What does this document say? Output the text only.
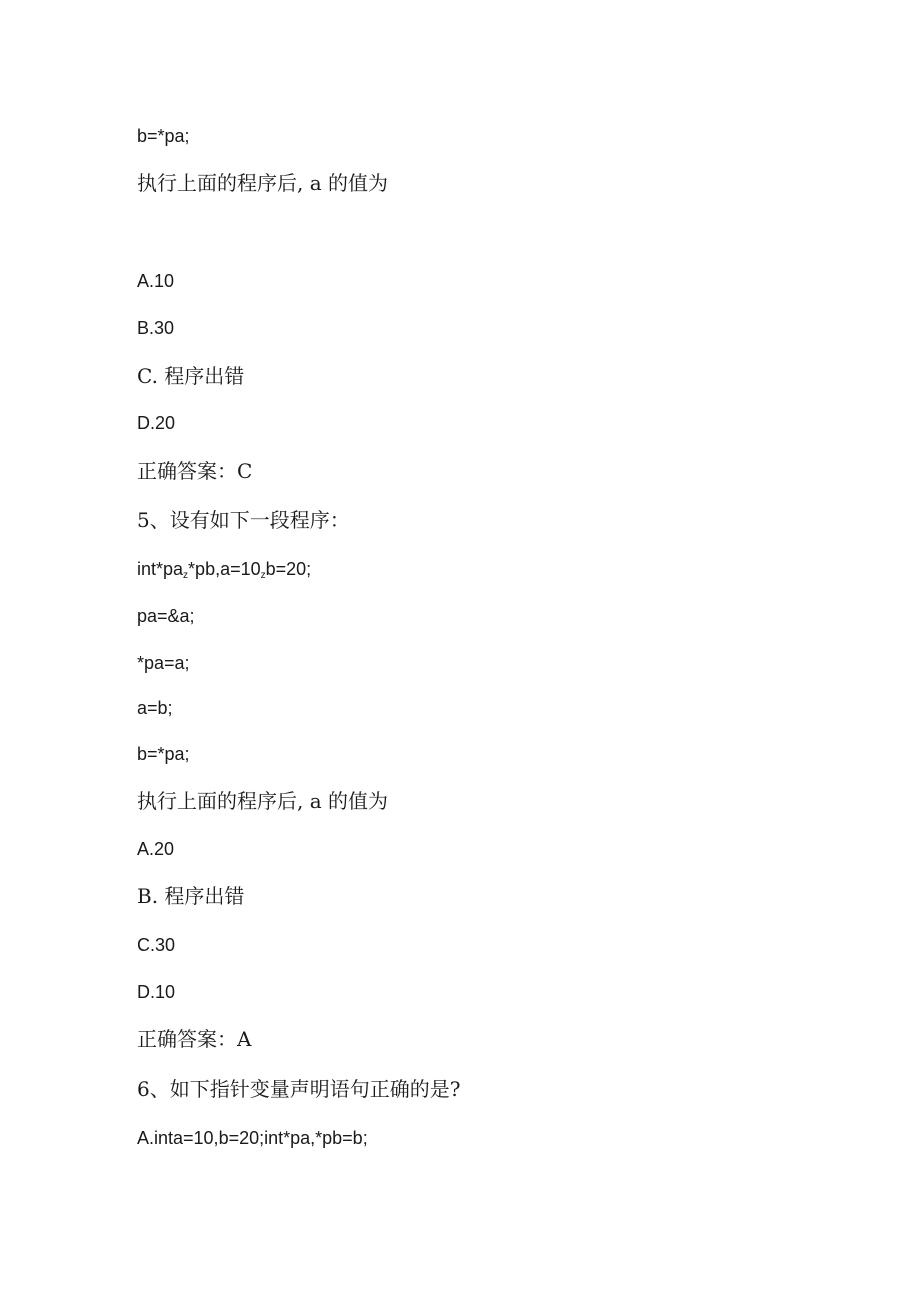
b=*pa;
执行上面的程序后, a 的值为
A.10
B.30
C. 程序出错
D.20
正确答案：C
5、设有如下一段程序：
$int*pa_z*pb,a=10_zb=20$;
pa=&a;
*pa=a;
a=b;
b=*pa;
执行上面的程序后, a 的值为
A.20
B. 程序出错
C.30
D.10
正确答案：A
6、如下指针变量声明语句正确的是?
A.inta=10,b=20;int*pa,*pb=b;
